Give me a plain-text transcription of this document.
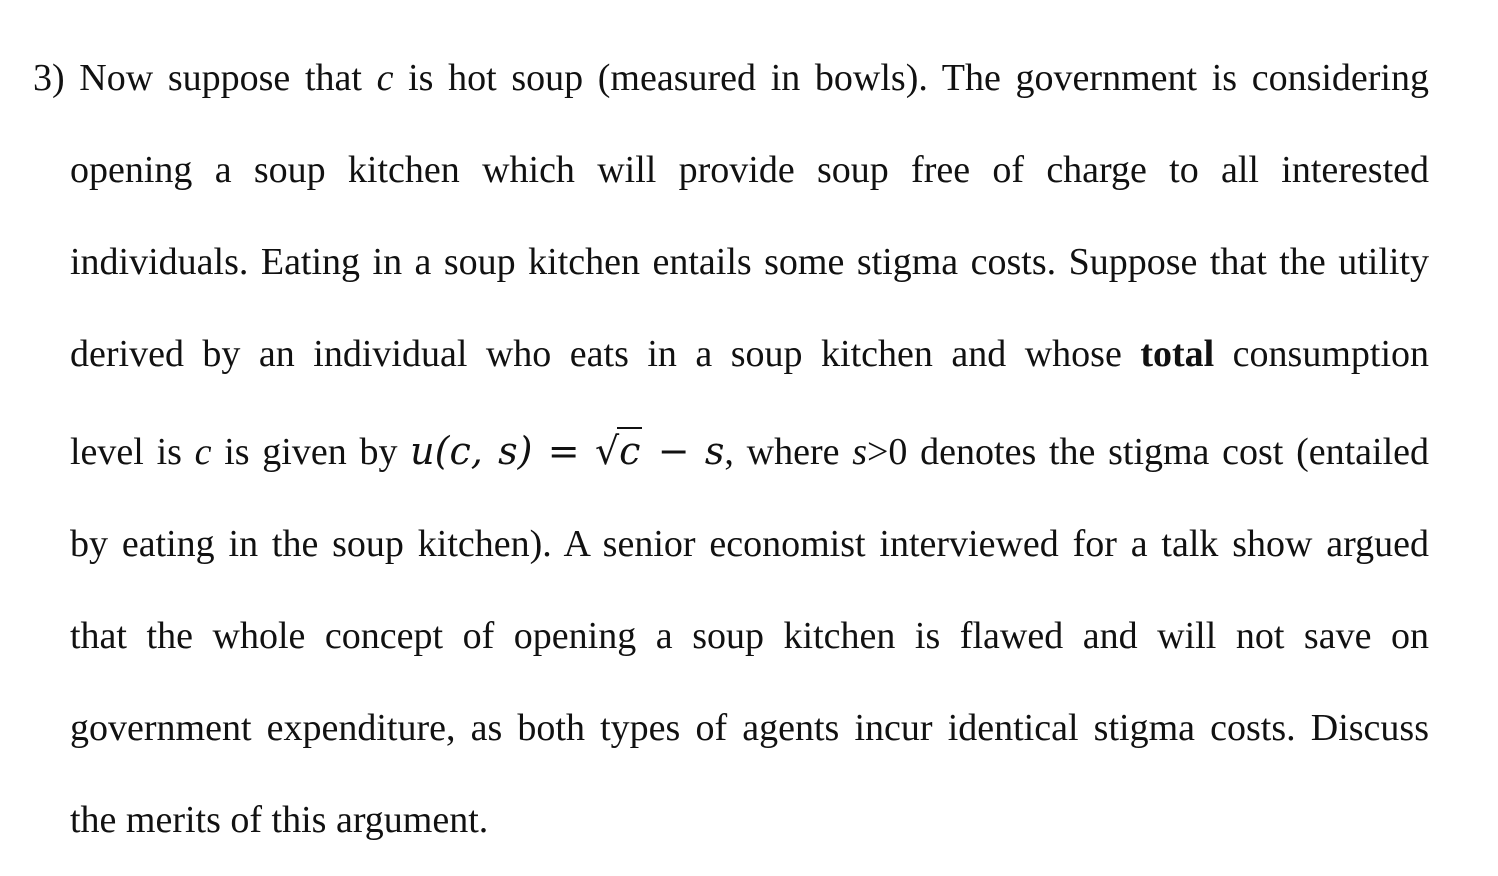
3) Now suppose that c is hot soup (measured in bowls). The government is considering
opening a soup kitchen which will provide soup free of charge to all interested
individuals. Eating in a soup kitchen entails some stigma costs. Suppose that the utility
derived by an individual who eats in a soup kitchen and whose total consumption
level is c is given by u(c, s) = √c − s, where s>0 denotes the stigma cost (entailed
by eating in the soup kitchen). A senior economist interviewed for a talk show argued
that the whole concept of opening a soup kitchen is flawed and will not save on
government expenditure, as both types of agents incur identical stigma costs. Discuss
the merits of this argument.
